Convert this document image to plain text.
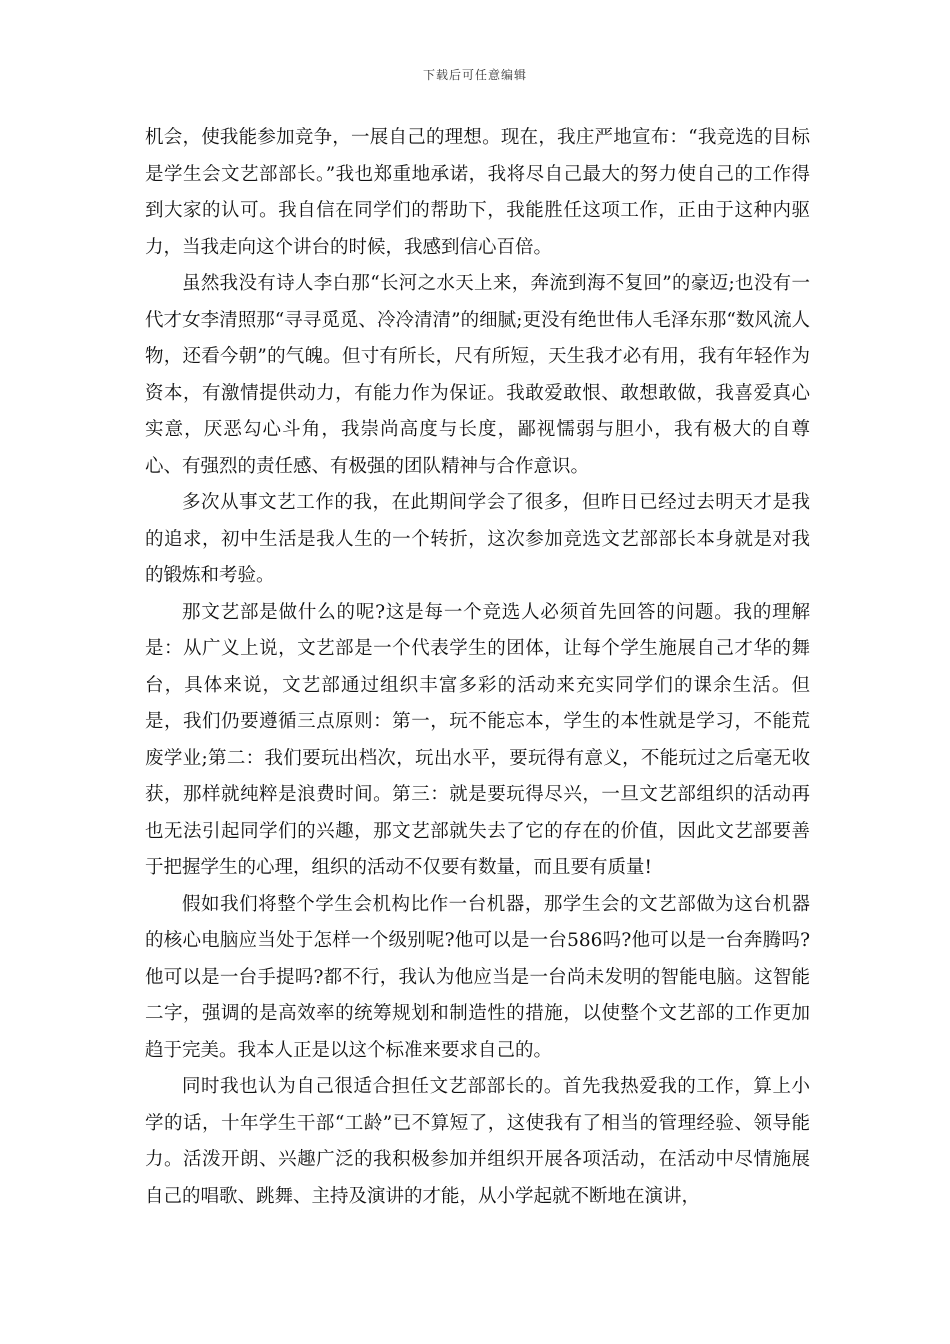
下载后可任意编辑

机会，使我能参加竞争，一展自己的理想。现在，我庄严地宣布：“我竞选的目标是学生会文艺部部长。”我也郑重地承诺，我将尽自己最大的努力使自己的工作得到大家的认可。我自信在同学们的帮助下，我能胜任这项工作，正由于这种内驱力，当我走向这个讲台的时候，我感到信心百倍。

虽然我没有诗人李白那“长河之水天上来，奔流到海不复回”的豪迈;也没有一代才女李清照那“寻寻觅觅、冷冷清清”的细腻;更没有绝世伟人毛泽东那“数风流人物，还看今朝”的气魄。但寸有所长，尺有所短，天生我才必有用，我有年轻作为资本，有激情提供动力，有能力作为保证。我敢爱敢恨、敢想敢做，我喜爱真心实意，厌恶勾心斗角，我崇尚高度与长度，鄙视懦弱与胆小，我有极大的自尊心、有强烈的责任感、有极强的团队精神与合作意识。

多次从事文艺工作的我，在此期间学会了很多，但昨日已经过去明天才是我的追求，初中生活是我人生的一个转折，这次参加竞选文艺部部长本身就是对我的锻炼和考验。

那文艺部是做什么的呢?这是每一个竞选人必须首先回答的问题。我的理解是：从广义上说，文艺部是一个代表学生的团体，让每个学生施展自己才华的舞台，具体来说，文艺部通过组织丰富多彩的活动来充实同学们的课余生活。但是，我们仍要遵循三点原则：第一，玩不能忘本，学生的本性就是学习，不能荒废学业;第二：我们要玩出档次，玩出水平，要玩得有意义，不能玩过之后毫无收获，那样就纯粹是浪费时间。第三：就是要玩得尽兴，一旦文艺部组织的活动再也无法引起同学们的兴趣，那文艺部就失去了它的存在的价值，因此文艺部要善于把握学生的心理，组织的活动不仅要有数量，而且要有质量!

假如我们将整个学生会机构比作一台机器，那学生会的文艺部做为这台机器的核心电脑应当处于怎样一个级别呢?他可以是一台586吗?他可以是一台奔腾吗?他可以是一台手提吗?都不行，我认为他应当是一台尚未发明的智能电脑。这智能二字，强调的是高效率的统筹规划和制造性的措施，以使整个文艺部的工作更加趋于完美。我本人正是以这个标准来要求自己的。

同时我也认为自己很适合担任文艺部部长的。首先我热爱我的工作，算上小学的话，十年学生干部“工龄”已不算短了，这使我有了相当的管理经验、领导能力。活泼开朗、兴趣广泛的我积极参加并组织开展各项活动，在活动中尽情施展自己的唱歌、跳舞、主持及演讲的才能，从小学起就不断地在演讲，
